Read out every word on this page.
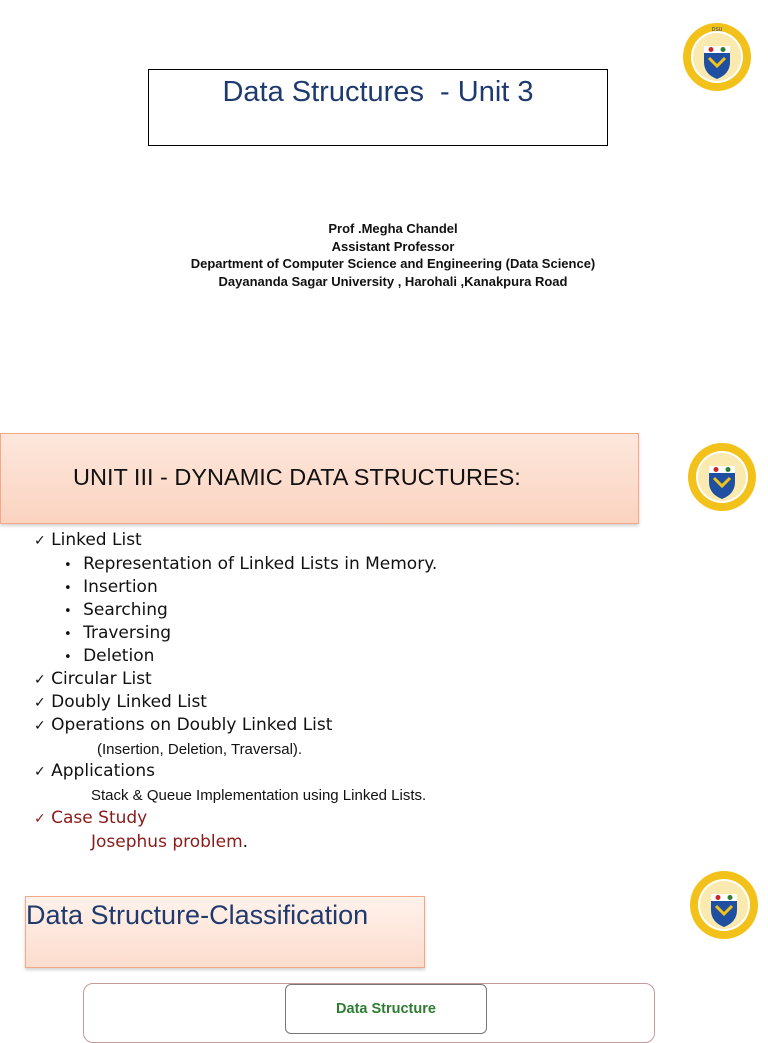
Data Structures  - Unit 3
Prof .Megha Chandel
Assistant Professor
Department of Computer Science and Engineering (Data Science)
Dayananda Sagar University , Harohali ,Kanakpura Road
DSU
UNIT III - DYNAMIC DATA STRUCTURES:
✓ Linked List
• Representation of Linked Lists in Memory.
• Insertion
• Searching
• Traversing
• Deletion
✓ Circular List
✓ Doubly Linked List
✓ Operations on Doubly Linked List
(Insertion, Deletion, Traversal).
✓ Applications
Stack & Queue Implementation using Linked Lists.
✓ Case Study
Josephus problem.
Data Structure-Classification
Data Structure
